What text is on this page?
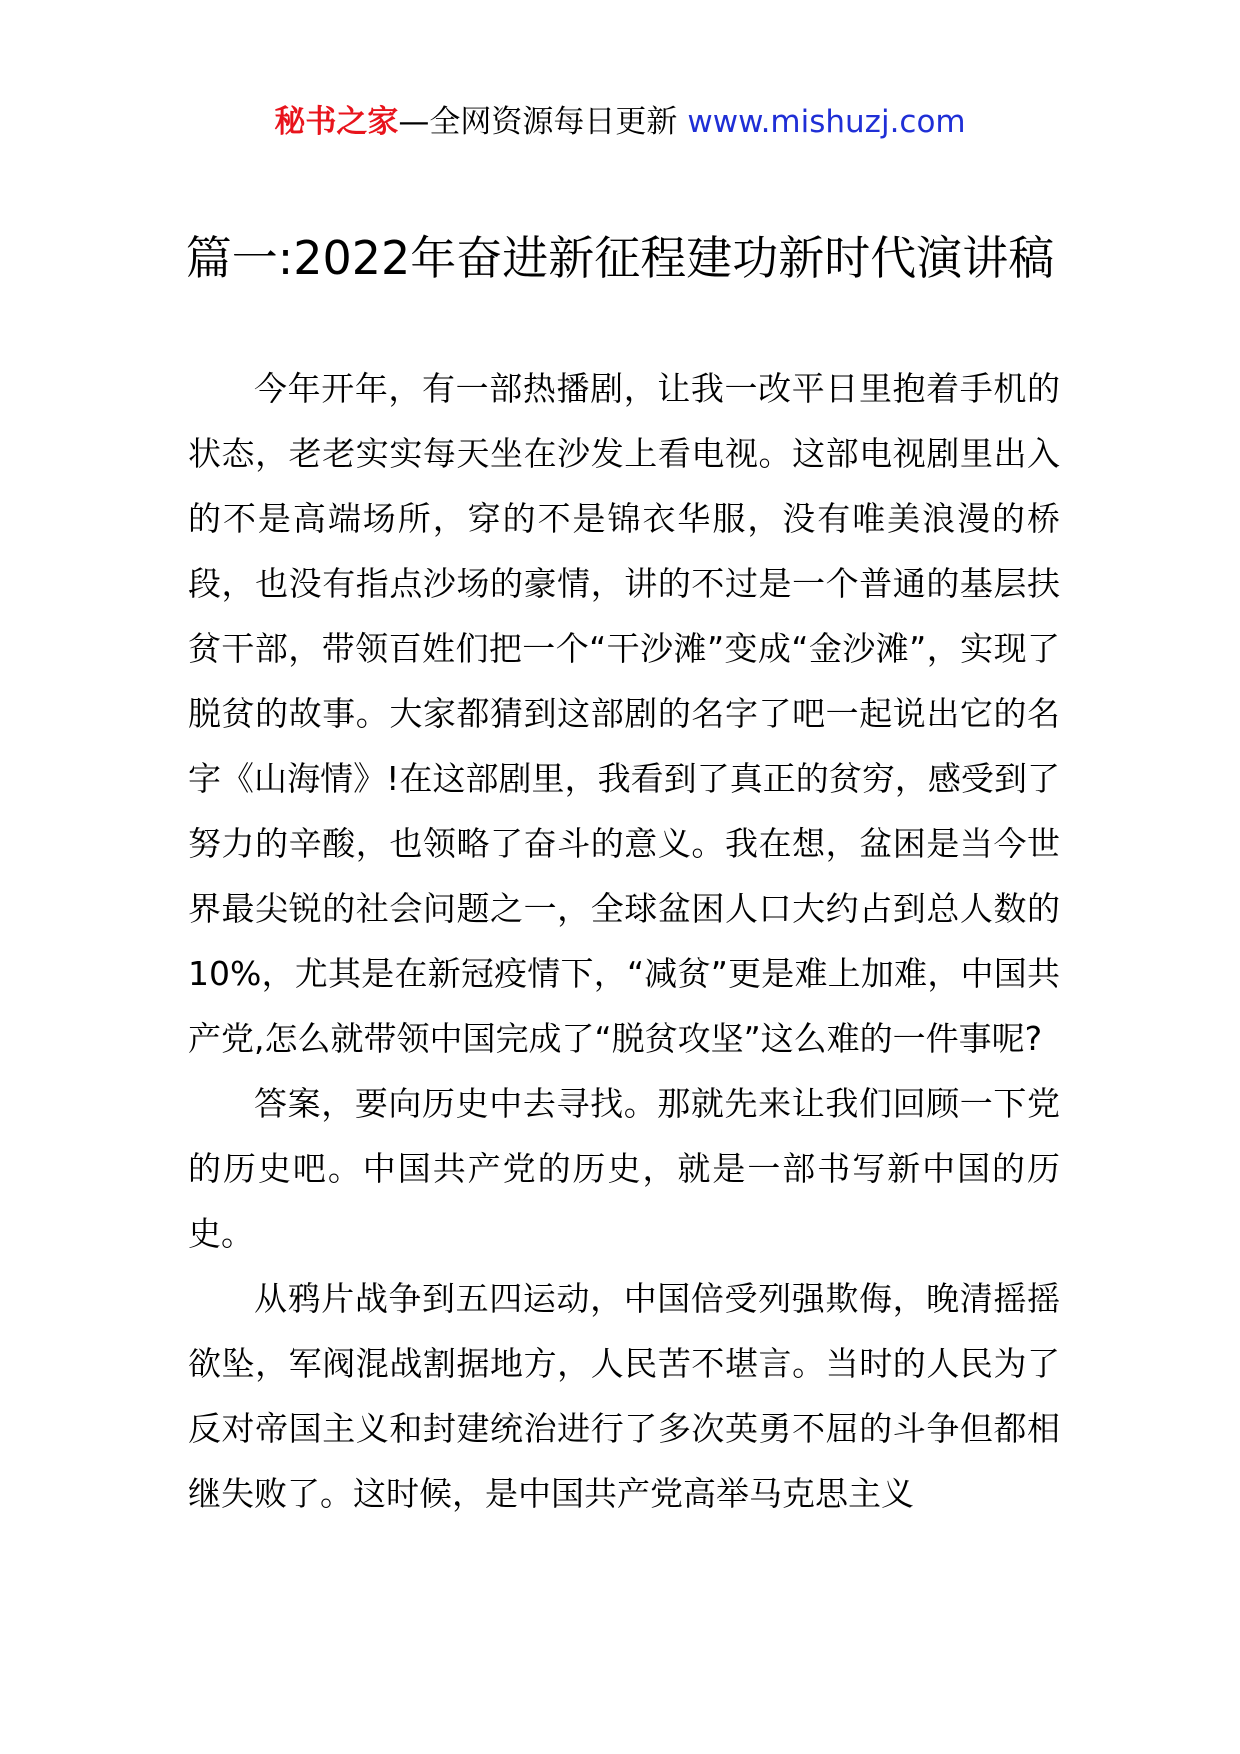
秘书之家—全网资源每日更新 www.mishuzj.com
篇一:2022年奋进新征程建功新时代演讲稿

今年开年，有一部热播剧，让我一改平日里抱着手机的状态，老老实实每天坐在沙发上看电视。这部电视剧里出入的不是高端场所，穿的不是锦衣华服，没有唯美浪漫的桥段，也没有指点沙场的豪情，讲的不过是一个普通的基层扶贫干部，带领百姓们把一个“干沙滩”变成“金沙滩”，实现了脱贫的故事。大家都猜到这部剧的名字了吧一起说出它的名字《山海情》!在这部剧里，我看到了真正的贫穷，感受到了努力的辛酸，也领略了奋斗的意义。我在想，盆困是当今世界最尖锐的社会问题之一，全球盆困人口大约占到总人数的10%，尤其是在新冠疫情下，“减贫”更是难上加难，中国共产党,怎么就带领中国完成了“脱贫攻坚”这么难的一件事呢?

答案，要向历史中去寻找。那就先来让我们回顾一下党的历史吧。中国共产党的历史，就是一部书写新中国的历史。

从鸦片战争到五四运动，中国倍受列强欺侮，晚清摇摇欲坠，军阀混战割据地方，人民苦不堪言。当时的人民为了反对帝国主义和封建统治进行了多次英勇不屈的斗争但都相继失败了。这时候，是中国共产党高举马克思主义
